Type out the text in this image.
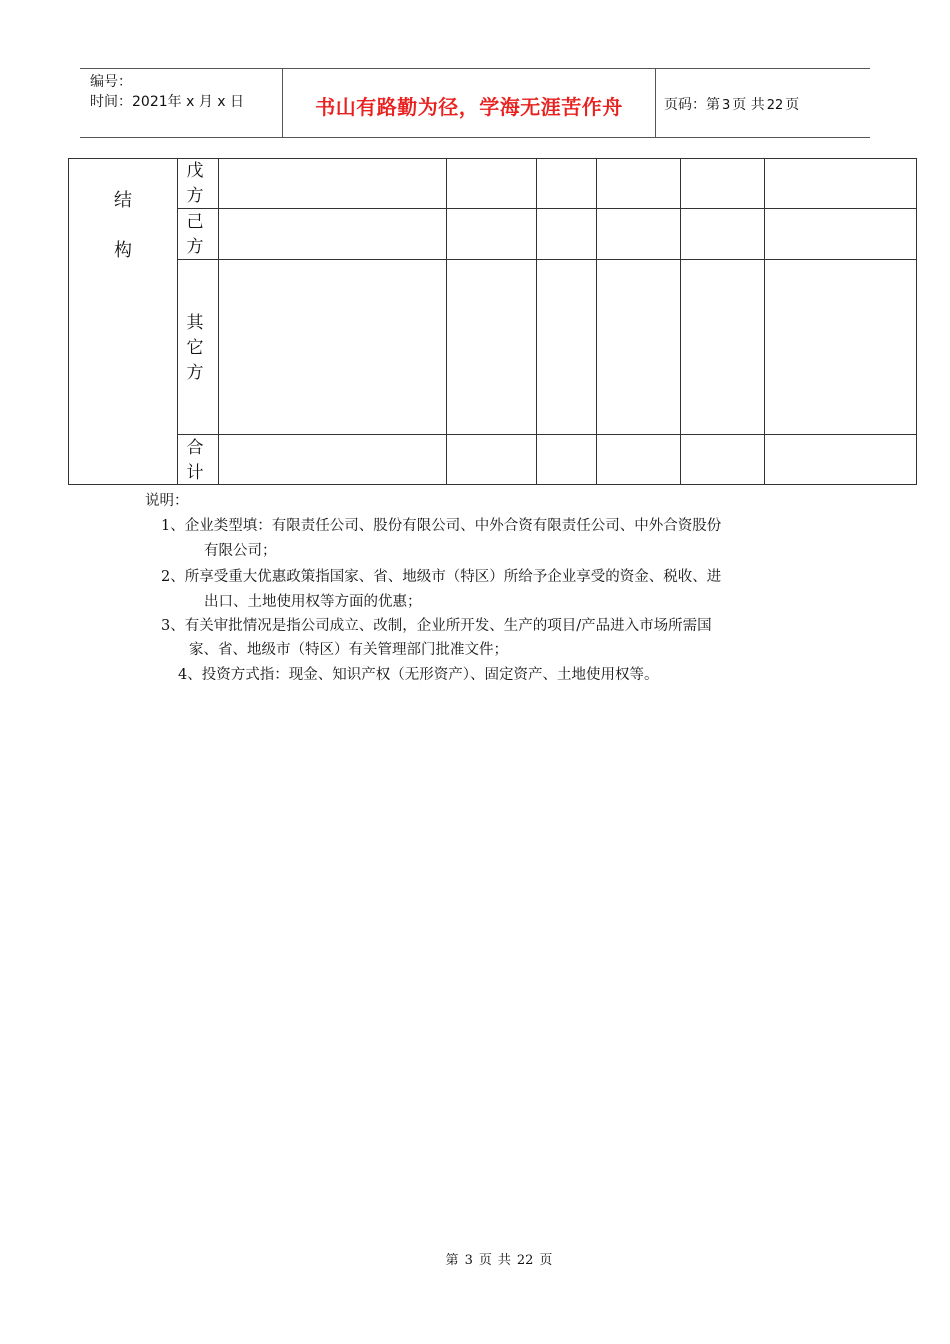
编号：
时间：2021年 x 月 x 日	书山有路勤为径，学海无涯苦作舟	页码：第 3 页 共 22 页
结
构
戊
方
己
方
其
它
方
合
计
说明：
1、企业类型填：有限责任公司、股份有限公司、中外合资有限责任公司、中外合资股份
有限公司；
2、所享受重大优惠政策指国家、省、地级市（特区）所给予企业享受的资金、税收、进
出口、土地使用权等方面的优惠；
3、有关审批情况是指公司成立、改制，企业所开发、生产的项目/产品进入市场所需国
家、省、地级市（特区）有关管理部门批准文件；
4、投资方式指：现金、知识产权（无形资产）、固定资产、土地使用权等。
第 3 页 共 22 页
